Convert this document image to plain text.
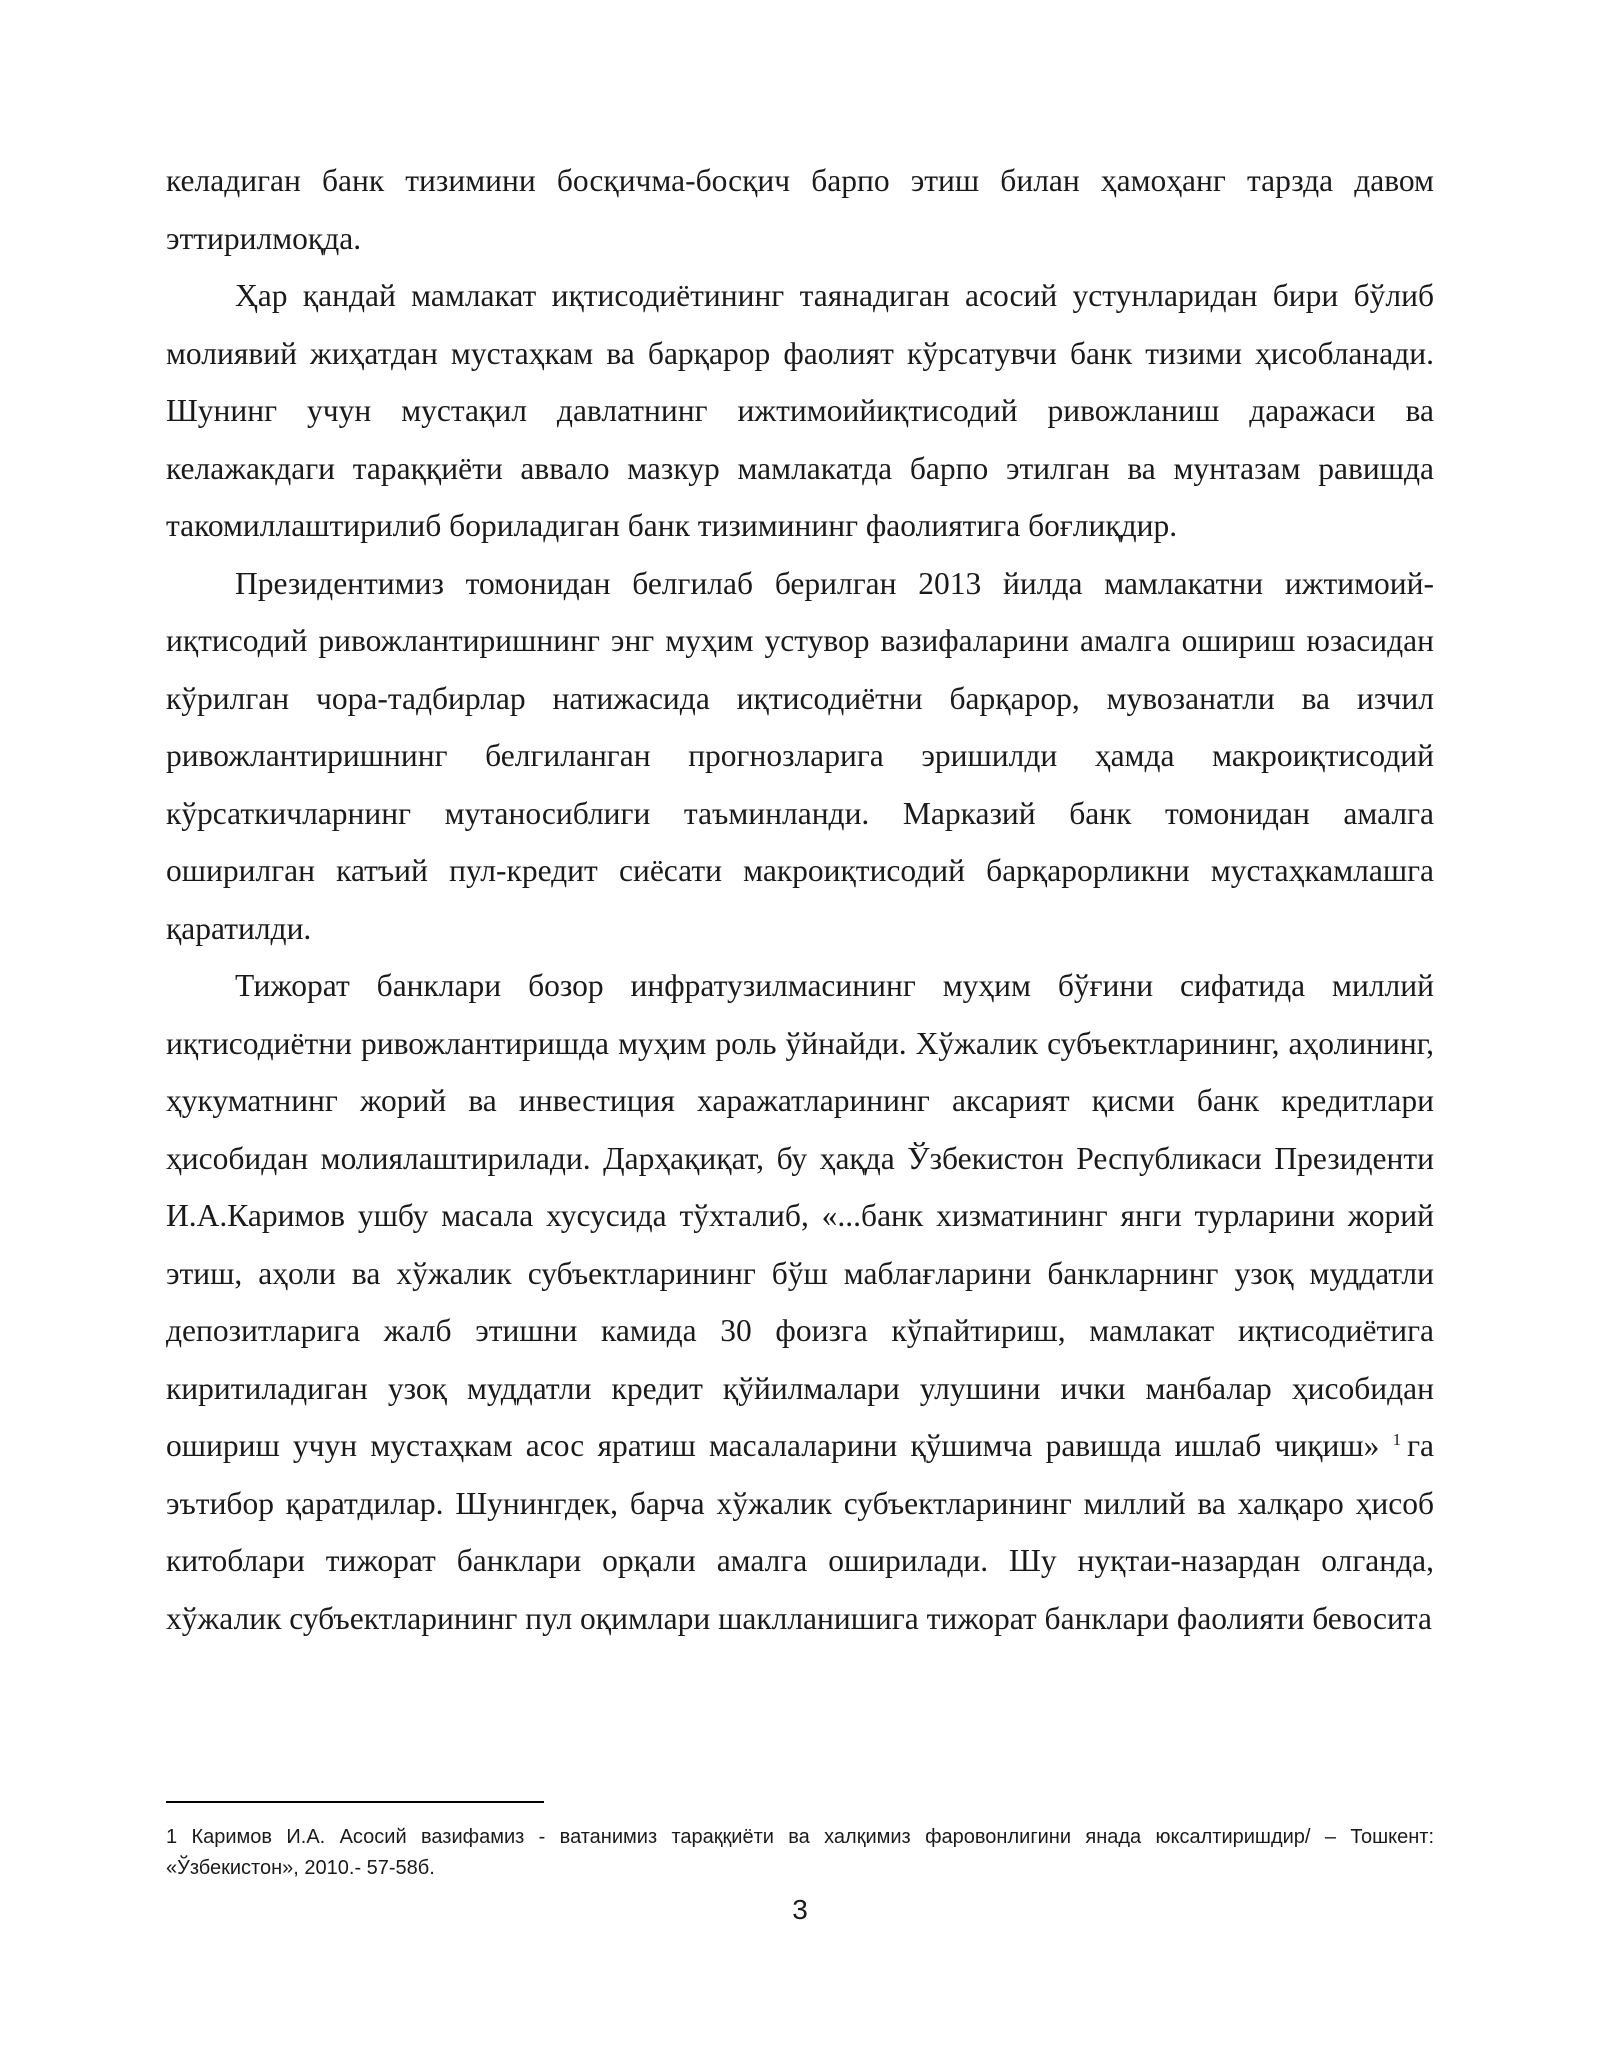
келадиган банк тизимини босқичма-босқич барпо этиш билан ҳамоҳанг тарзда давом эттирилмоқда.

Ҳар қандай мамлакат иқтисодиётининг таянадиган асосий устунларидан бири бўлиб молиявий жиҳатдан мустаҳкам ва барқарор фаолият кўрсатувчи банк тизими ҳисобланади. Шунинг учун мустақил давлатнинг ижтимоийиқтисодий ривожланиш даражаси ва келажакдаги тараққиёти аввало мазкур мамлакатда барпо этилган ва мунтазам равишда такомиллаштирилиб бориладиган банк тизимининг фаолиятига боғлиқдир.

Президентимиз томонидан белгилаб берилган 2013 йилда мамлакатни ижтимоий-иқтисодий ривожлантиришнинг энг муҳим устувор вазифаларини амалга ошириш юзасидан кўрилган чора-тадбирлар натижасида иқтисодиётни барқарор, мувозанатли ва изчил ривожлантиришнинг белгиланган прогнозларига эришилди ҳамда макроиқтисодий кўрсаткичларнинг мутаносиблиги таъминланди. Марказий банк томонидан амалга оширилган катъий пул-кредит сиёсати макроиқтисодий барқарорликни мустаҳкамлашга қаратилди.

Тижорат банклари бозор инфратузилмасининг муҳим бўғини сифатида миллий иқтисодиётни ривожлантиришда муҳим роль ўйнайди. Хўжалик субъектларининг, аҳолининг, ҳукуматнинг жорий ва инвестиция харажатларининг аксарият қисми банк кредитлари ҳисобидан молиялаштирилади. Дарҳақиқат, бу ҳақда Ўзбекистон Республикаси Президенти И.А.Каримов ушбу масала хусусида тўхталиб, «...банк хизматининг янги турларини жорий этиш, аҳоли ва хўжалик субъектларининг бўш маблағларини банкларнинг узоқ муддатли депозитларига жалб этишни камида 30 фоизга кўпайтириш, мамлакат иқтисодиётига киритиладиган узоқ муддатли кредит қўйилмалари улушини ички манбалар ҳисобидан ошириш учун мустаҳкам асос яратиш масалаларини қўшимча равишда ишлаб чиқиш» $^1$ га эътибор қаратдилар. Шунингдек, барча хўжалик субъектларининг миллий ва халқаро ҳисоб китоблари тижорат банклари орқали амалга оширилади. Шу нуқтаи-назардан олганда, хўжалик субъектларининг пул оқимлари шаклланишига тижорат банклари фаолияти бевосита

1 Каримов И.А. Асосий вазифамиз - ватанимиз тараққиёти ва халқимиз фаровонлигини янада юксалтиришдир/ – Тошкент: «Ўзбекистон», 2010.- 57-58б.
3
